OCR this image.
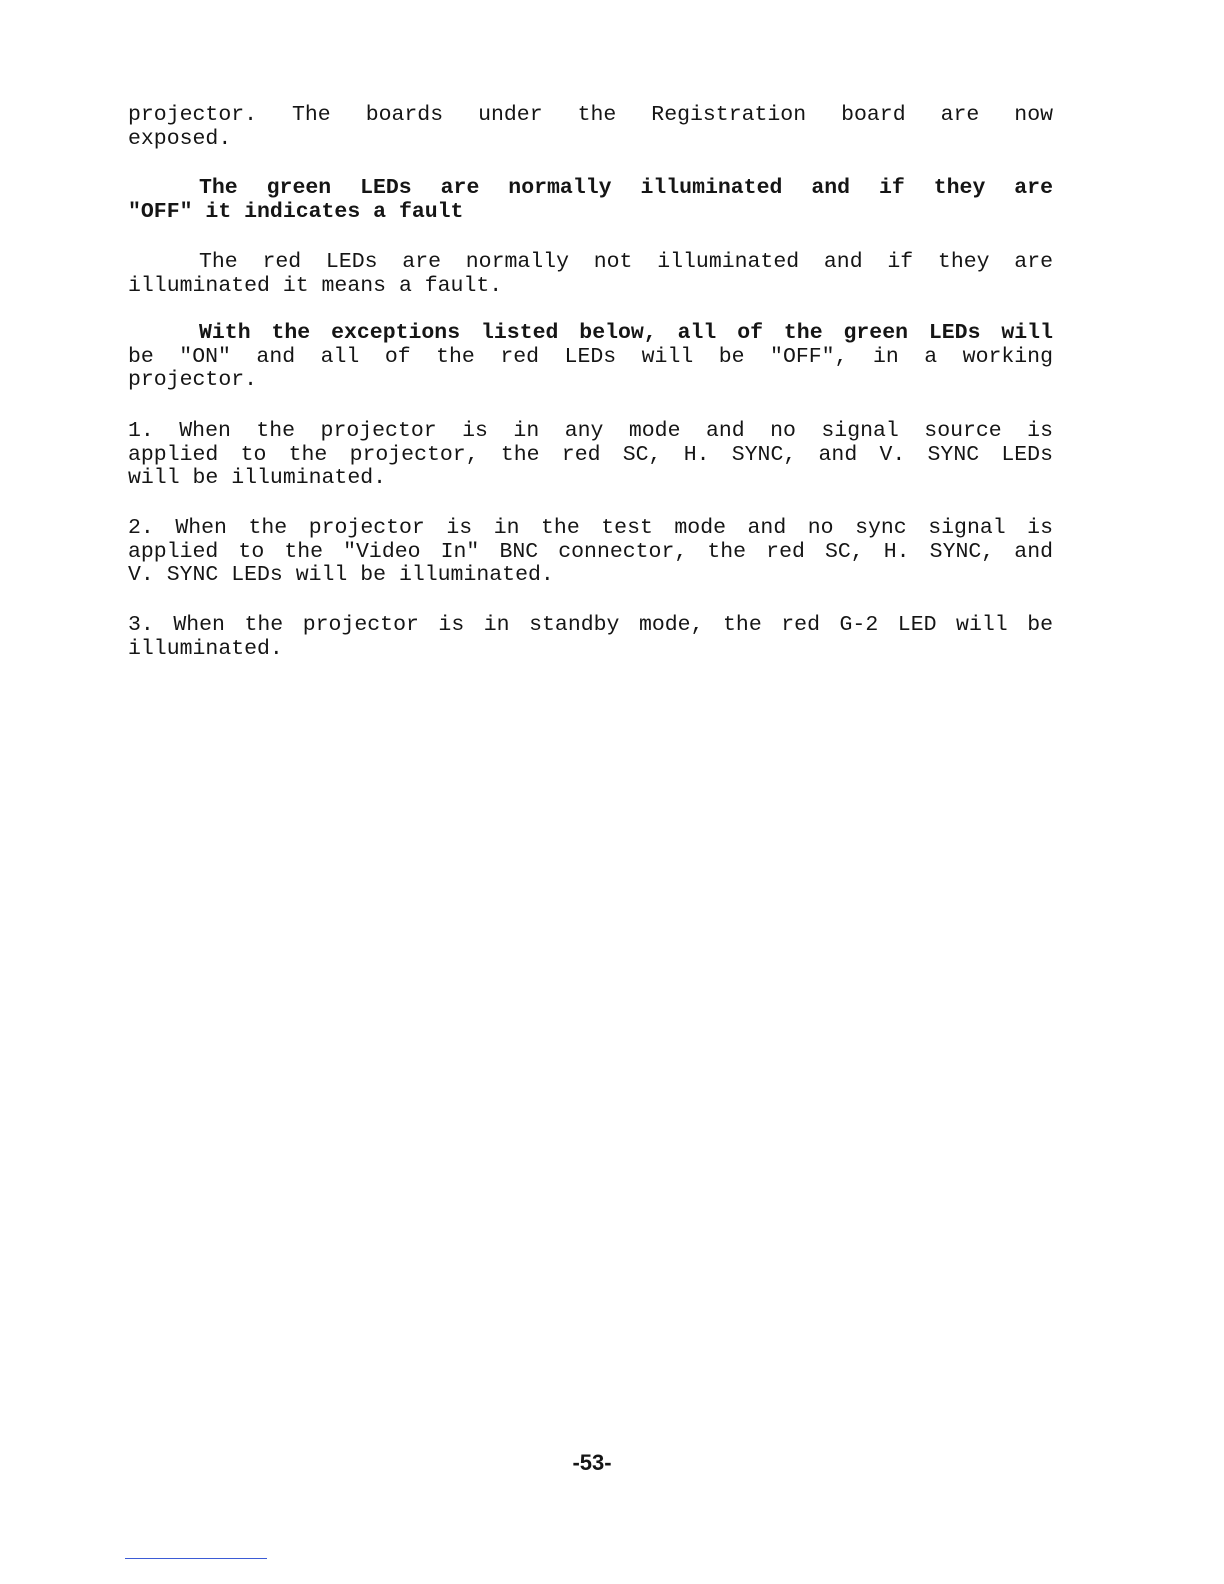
projector. The boards under the Registration board are now
exposed.

The green LEDs are normally illuminated and if they are
"OFF" it indicates a fault

The red LEDs are normally not illuminated and if they are
illuminated it means a fault.

With the exceptions listed below, all of the green LEDs will
be "ON" and all of the red LEDs will be "OFF", in a working
projector.

1. When the projector is in any mode and no signal source is
applied to the projector, the red SC, H. SYNC, and V. SYNC LEDs
will be illuminated.

2. When the projector is in the test mode and no sync signal is
applied to the "Video In" BNC connector, the red SC, H. SYNC, and
V. SYNC LEDs will be illuminated.

3. When the projector is in standby mode, the red G-2 LED will be
illuminated.

-53-
